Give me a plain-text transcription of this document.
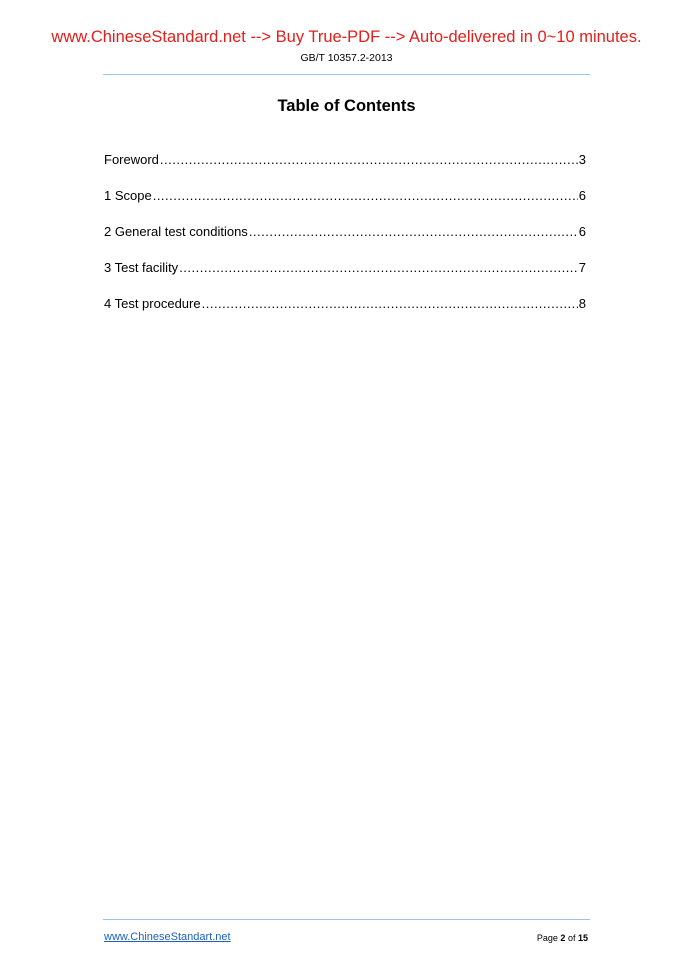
www.ChineseStandard.net --> Buy True-PDF --> Auto-delivered in 0~10 minutes.
GB/T 10357.2-2013
Table of Contents
Foreword .....	3
1 Scope .....	6
2 General test conditions .....	6
3 Test facility .....	7
4 Test procedure .....	8
www.ChineseStandart.net	Page 2 of 15
